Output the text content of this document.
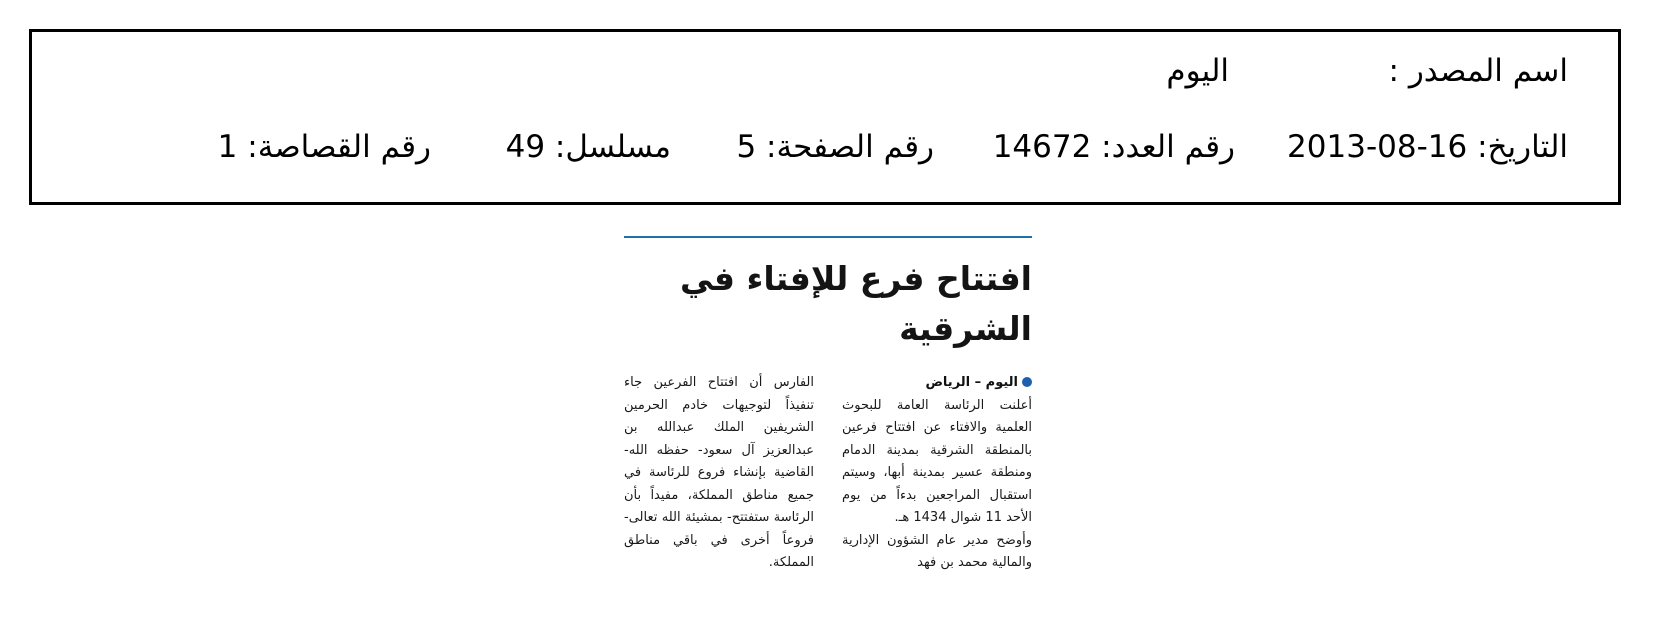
اسم المصدر :
اليوم
التاريخ: 16-08-2013
رقم العدد: 14672
رقم الصفحة: 5
مسلسل: 49
رقم القصاصة: 1
افتتاح فرع للإفتاء في الشرقية
اليوم – الرياض
أعلنت الرئاسة العامة للبحوث العلمية والافتاء عن افتتاح فرعين بالمنطقة الشرقية بمدينة الدمام ومنطقة عسير بمدينة أبها، وسيتم استقبال المراجعين بدءاً من يوم الأحد 11 شوال 1434 هـ.
وأوضح مدير عام الشؤون الإدارية والمالية محمد بن فهد
الفارس أن افتتاح الفرعين جاء تنفيذاً لتوجيهات خادم الحرمين الشريفين الملك عبدالله بن عبدالعزيز آل سعود- حفظه الله- القاضية بإنشاء فروع للرئاسة في جميع مناطق المملكة، مفيداً بأن الرئاسة ستفتتح- بمشيئة الله تعالى- فروعاً أخرى في باقي مناطق المملكة.
